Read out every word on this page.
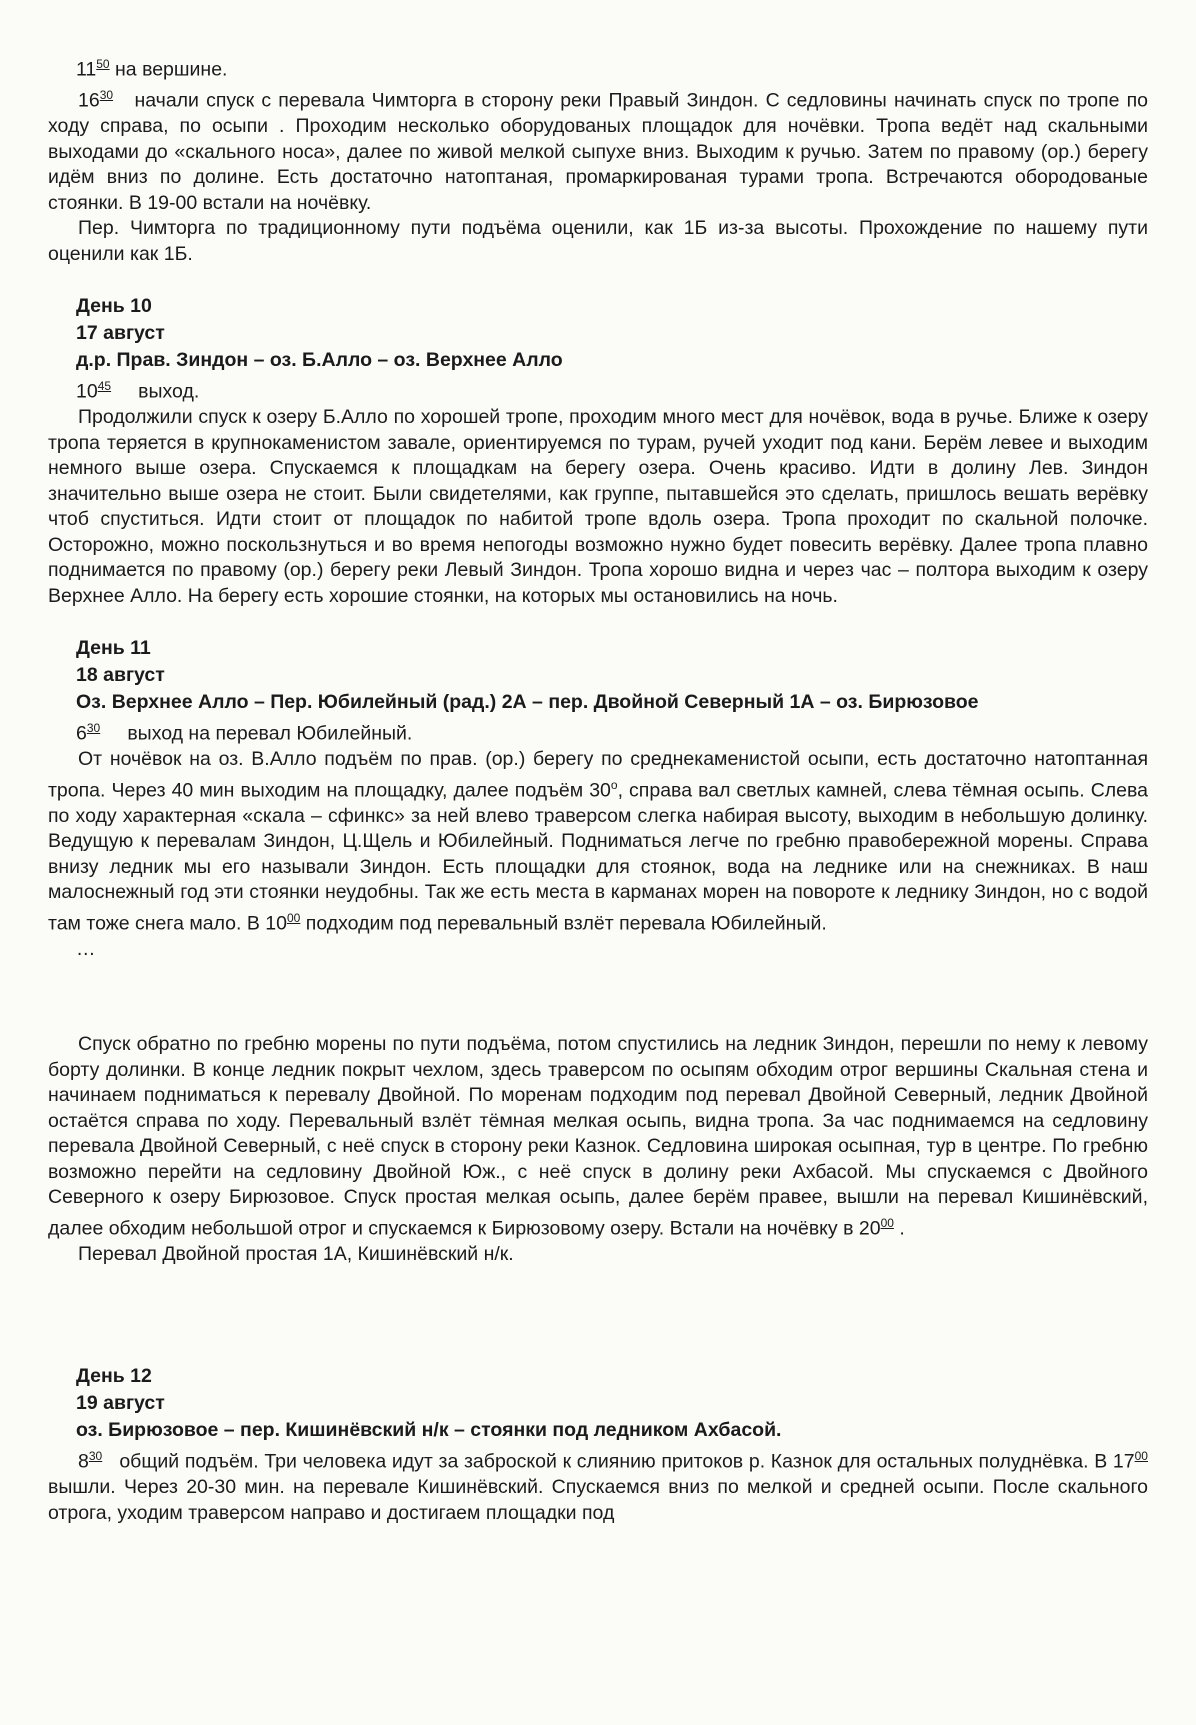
$11^{50}$ на вершине.

$16^{30}$ начали спуск с перевала Чимторга в сторону реки Правый Зиндон. С седловины начинать спуск по тропе по ходу справа, по осыпи . Проходим несколько оборудованых площадок для ночёвки. Тропа ведёт над скальными выходами до «скального носа», далее по живой мелкой сыпухе вниз. Выходим к ручью. Затем по правому (ор.) берегу идём вниз по долине. Есть достаточно натоптаная, промаркированая турами тропа. Встречаются обородованые стоянки. В 19-00 встали на ночёвку.

Пер. Чимторга по традиционному пути подъёма оценили, как 1Б из-за высоты. Прохождение по нашему пути оценили как 1Б.

День 10
17 август
д.р. Прав. Зиндон – оз. Б.Алло – оз. Верхнее Алло
$10^{45}$ выход.

Продолжили спуск к озеру Б.Алло по хорошей тропе, проходим много мест для ночёвок, вода в ручье. Ближе к озеру тропа теряется в крупнокаменистом завале, ориентируемся по турам, ручей уходит под кани. Берём левее и выходим немного выше озера. Спускаемся к площадкам на берегу озера. Очень красиво. Идти в долину Лев. Зиндон значительно выше озера не стоит. Были свидетелями, как группе, пытавшейся это сделать, пришлось вешать верёвку чтоб спуститься. Идти стоит от площадок по набитой тропе вдоль озера. Тропа проходит по скальной полочке. Осторожно, можно поскользнуться и во время непогоды возможно нужно будет повесить верёвку. Далее тропа плавно поднимается по правому (ор.) берегу реки Левый Зиндон. Тропа хорошо видна и через час – полтора выходим к озеру Верхнее Алло. На берегу есть хорошие стоянки, на которых мы остановились на ночь.

День 11
18 август
Оз. Верхнее Алло – Пер. Юбилейный (рад.) 2А – пер. Двойной Северный 1А – оз. Бирюзовое
$6^{30}$ выход на перевал Юбилейный.

От ночёвок на оз. В.Алло подъём по прав. (ор.) берегу по среднекаменистой осыпи, есть достаточно натоптанная тропа. Через 40 мин выходим на площадку, далее подъём $30^о$, справа вал светлых камней, слева тёмная осыпь. Слева по ходу характерная «скала – сфинкс» за ней влево траверсом слегка набирая высоту, выходим в небольшую долинку. Ведущую к перевалам Зиндон, Ц.Щель и Юбилейный. Подниматься легче по гребню правобережной морены. Справа внизу ледник мы его называли Зиндон. Есть площадки для стоянок, вода на леднике или на снежниках. В наш малоснежный год эти стоянки неудобны. Так же есть места в карманах морен на повороте к леднику Зиндон, но с водой там тоже снега мало. В $10^{00}$ подходим под перевальный взлёт перевала Юбилейный.

…

Спуск обратно по гребню морены по пути подъёма, потом спустились на ледник Зиндон, перешли по нему к левому борту долинки. В конце ледник покрыт чехлом, здесь траверсом по осыпям обходим отрог вершины Скальная стена и начинаем подниматься к перевалу Двойной. По моренам подходим под перевал Двойной Северный, ледник Двойной остаётся справа по ходу. Перевальный взлёт тёмная мелкая осыпь, видна тропа. За час поднимаемся на седловину перевала Двойной Северный, с неё спуск в сторону реки Казнок. Седловина широкая осыпная, тур в центре. По гребню возможно перейти на седловину Двойной Юж., с неё спуск в долину реки Ахбасой. Мы спускаемся с Двойного Северного к озеру Бирюзовое. Спуск простая мелкая осыпь, далее берём правее, вышли на перевал Кишинёвский, далее обходим небольшой отрог и спускаемся к Бирюзовому озеру. Встали на ночёвку в $20^{00}$ .

Перевал Двойной простая 1А, Кишинёвский н/к.

День 12
19 август
оз. Бирюзовое – пер. Кишинёвский н/к – стоянки под ледником Ахбасой.

$8^{30}$ общий подъём. Три человека идут за заброской к слиянию притоков р. Казнок для остальных полуднёвка. В $17^{00}$ вышли. Через 20-30 мин. на перевале Кишинёвский. Спускаемся вниз по мелкой и средней осыпи. После скального отрога, уходим траверсом направо и достигаем площадки под
